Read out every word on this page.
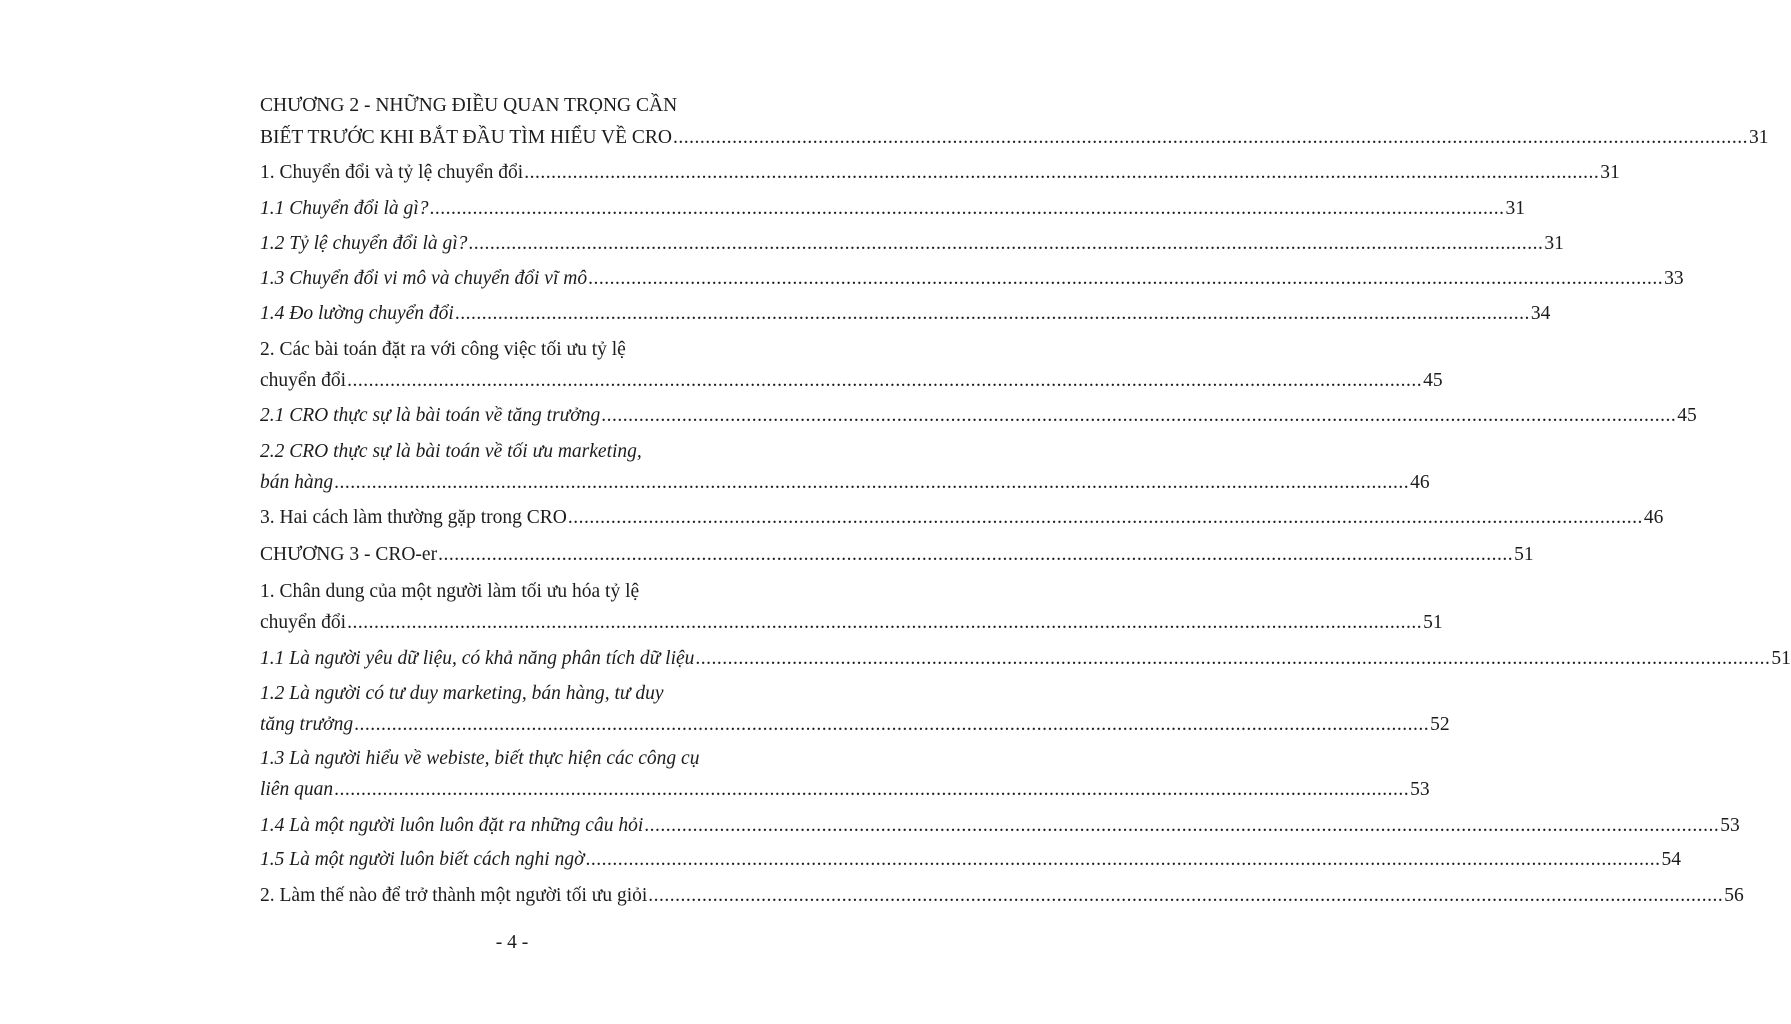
CHƯƠNG 2 - NHỮNG ĐIỀU QUAN TRỌNG CẦN
BIẾT TRƯỚC KHI BẮT ĐẦU TÌM HIỂU VỀ CRO ........................................................................................................................................................................................................ 31
1. Chuyển đổi và tỷ lệ chuyển đổi ........................................................................................................................................................................................................ 31
1.1 Chuyển đổi là gì? ........................................................................................................................................................................................................ 31
1.2 Tỷ lệ chuyển đổi là gì? ........................................................................................................................................................................................................ 31
1.3 Chuyển đổi vi mô và chuyển đổi vĩ mô ........................................................................................................................................................................................................ 33
1.4 Đo lường chuyển đổi ........................................................................................................................................................................................................ 34
2. Các bài toán đặt ra với công việc tối ưu tỷ lệ
chuyển đổi ........................................................................................................................................................................................................ 45
2.1 CRO thực sự là bài toán về tăng trưởng ........................................................................................................................................................................................................ 45
2.2 CRO thực sự là bài toán về tối ưu marketing,
bán hàng ........................................................................................................................................................................................................ 46
3. Hai cách làm thường gặp trong CRO ........................................................................................................................................................................................................ 46
CHƯƠNG 3 - CRO-er ........................................................................................................................................................................................................ 51
1. Chân dung của một người làm tối ưu hóa tỷ lệ
chuyển đổi ........................................................................................................................................................................................................ 51
1.1 Là người yêu dữ liệu, có khả năng phân tích dữ liệu ........................................................................................................................................................................................................ 51
1.2 Là người có tư duy marketing, bán hàng, tư duy
tăng trưởng ........................................................................................................................................................................................................ 52
1.3 Là người hiểu về webiste, biết thực hiện các công cụ
liên quan ........................................................................................................................................................................................................ 53
1.4 Là một người luôn luôn đặt ra những câu hỏi ........................................................................................................................................................................................................ 53
1.5 Là một người luôn biết cách nghi ngờ ........................................................................................................................................................................................................ 54
2. Làm thế nào để trở thành một người tối ưu giỏi ........................................................................................................................................................................................................ 56
- 4 -
